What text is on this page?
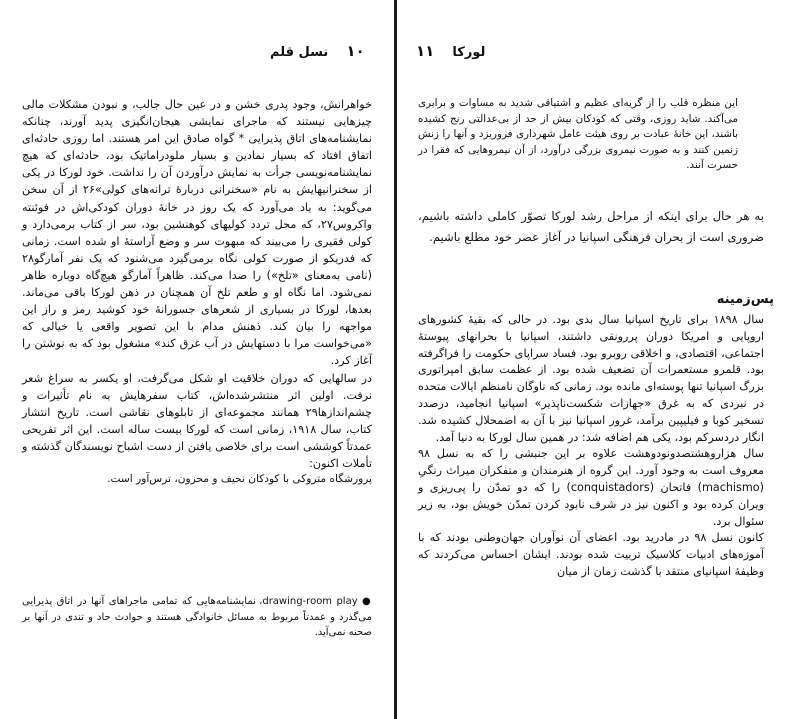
۱۰    نسل قلم

خواهرانش، وجود پدری خشن و در عین حال جالب، و نبودن مشکلات مالی چیزهایی نیستند که ماجرای نمایشی هیجان‌انگیزی پدید آورند، چنانکه نمایشنامه‌های اتاق پذیرایی * گواه صادق این امر هستند. اما روزی حادثه‌ای اتفاق افتاد که بسیار نمادین و بسیار ملودراماتیک بود، حادثه‌ای که هیچ نمایشنامه‌نویسی جرأت به نمایش درآوردن آن را نداشت. خود لورکا در یکی از سخنرانیهایش به نام «سخنرانی دربارهٔ ترانه‌های کولی»۲۶ از آن سخن می‌گوید: به یاد می‌آورد که یک روز در خانهٔ دوران کودکی‌اش در فوئنته واکروس۲۷، که محل تردد کولیهای کوهنشین بود، سر از کتاب برمی‌دارد و کولی فقیری را می‌بیند که مبهوت سر و وضع آراستهٔ او شده است. زمانی که فدریکو از صورت کولی نگاه برمی‌گیرد می‌شنود که یک نفر آمارگو۲۸ (نامی به‌معنای «تلخ») را صدا می‌کند. ظاهراً آمارگو هیچ‌گاه دوباره ظاهر نمی‌شود. اما نگاه او و طعم تلخ آن همچنان در ذهن لورکا باقی می‌ماند. بعدها، لورکا در بسیاری از شعرهای جسورانهٔ خود کوشید رمز و راز این مواجهه را بیان کند. ذهنش مدام با این تصویر واقعی یا خیالی که «می‌خواست مرا با دستهایش در آب غرق کند» مشغول بود که به نوشتن را آغاز کرد.

در سالهایی که دوران خلاقیت او شکل می‌گرفت، او یکسر به سراغ شعر نرفت. اولین اثر منتشرشده‌اش، کتاب سفرهایش به نام تأثیرات و چشم‌اندازها۲۹ همانند مجموعه‌ای از تابلوهای نقاشی است. تاریخ انتشار کتاب، سال ۱۹۱۸، زمانی است که لورکا بیست ساله است. این اثر تفریحی عمدتاً کوششی است برای خلاصی یافتن از دست اشباح نویسندگان گذشته و تأملات اکنون:

پرورشگاه متروکی با کودکان نحیف و محزون، ترس‌آور است.

● drawing-room play، نمایشنامه‌هایی که تمامی ماجراهای آنها در اتاق پذیرایی می‌گذرد و عمدتاً مربوط به مسائل خانوادگی هستند و حوادث حاد و تندی در آنها بر صحنه نمی‌آید.
لورکا    ۱۱
این منظره قلب را از گریه‌ای عظیم و اشتیاقی شدید به مساوات و برابری می‌آکند. شاید روزی، وقتی که کودکان بیش از حد از بی‌عدالتی رنج کشیده باشند، این خانهٔ عبادت بر روی هیئت عامل شهرداری فروریزد و آنها را زنش زنمین کنند و به صورت نیمروی بزرگی درآورد، از آن نیمروهایی که فقرا در حسرت آنند.
به هر حال برای اینکه از مراحل رشد لورکا تصوّر کاملی داشته باشیم، ضروری است از بحران فرهنگی اسپانیا در آغاز عصر خود مطلع باشیم.
پس‌زمینه

سال ۱۸۹۸ برای تاریخ اسپانیا سال بدی بود. در حالی که بقیهٔ کشورهای اروپایی و امریکا دوران پررونقی داشتند، اسپانیا با بحرانهای پیوستهٔ اجتماعی، اقتصادی، و اخلاقی روبرو بود. فساد سراپای حکومت را فراگرفته بود. قلمرو مستعمرات آن تضعیف شده بود. از عظمت سابق امپراتوری بزرگ اسپانیا تنها پوسته‌ای مانده بود. زمانی که ناوگان نامنظم ایالات متحده در نبردی که به غرق «جهازات شکست‌ناپذیر» اسپانیا انجامید، درصدد تسخیر کوبا و فیلیپین برآمد، غرور اسپانیا نیز با آن به اضمحلال کشیده شد. انگار دردسرکم بود، یکی هم اضافه شد: در همین سال لورکا به دنیا آمد.

سال هزاروهشتصدونودوهشت علاوه بر این جنبشی را که به نسل ۹۸ معروف است به وجود آورد. این گروه از هنرمندان و متفکران میراث رنگیِ (machismo) فاتحان (conquistadors) را که دو تمدّن را پی‌ریزی و ویران کرده بود و اکنون نیز در شرف نابود کردن تمدّن خویش بود، به زیر سئوال برد.

کانون نسل ۹۸ در مادرید بود. اعضای آن نوآوران جهان‌وطنی بودند که با آموزه‌های ادبیات کلاسیک تربیت شده بودند. ایشان احساس می‌کردند که وظیفهٔ اسپانیای منتقد با گذشت زمان از میان
